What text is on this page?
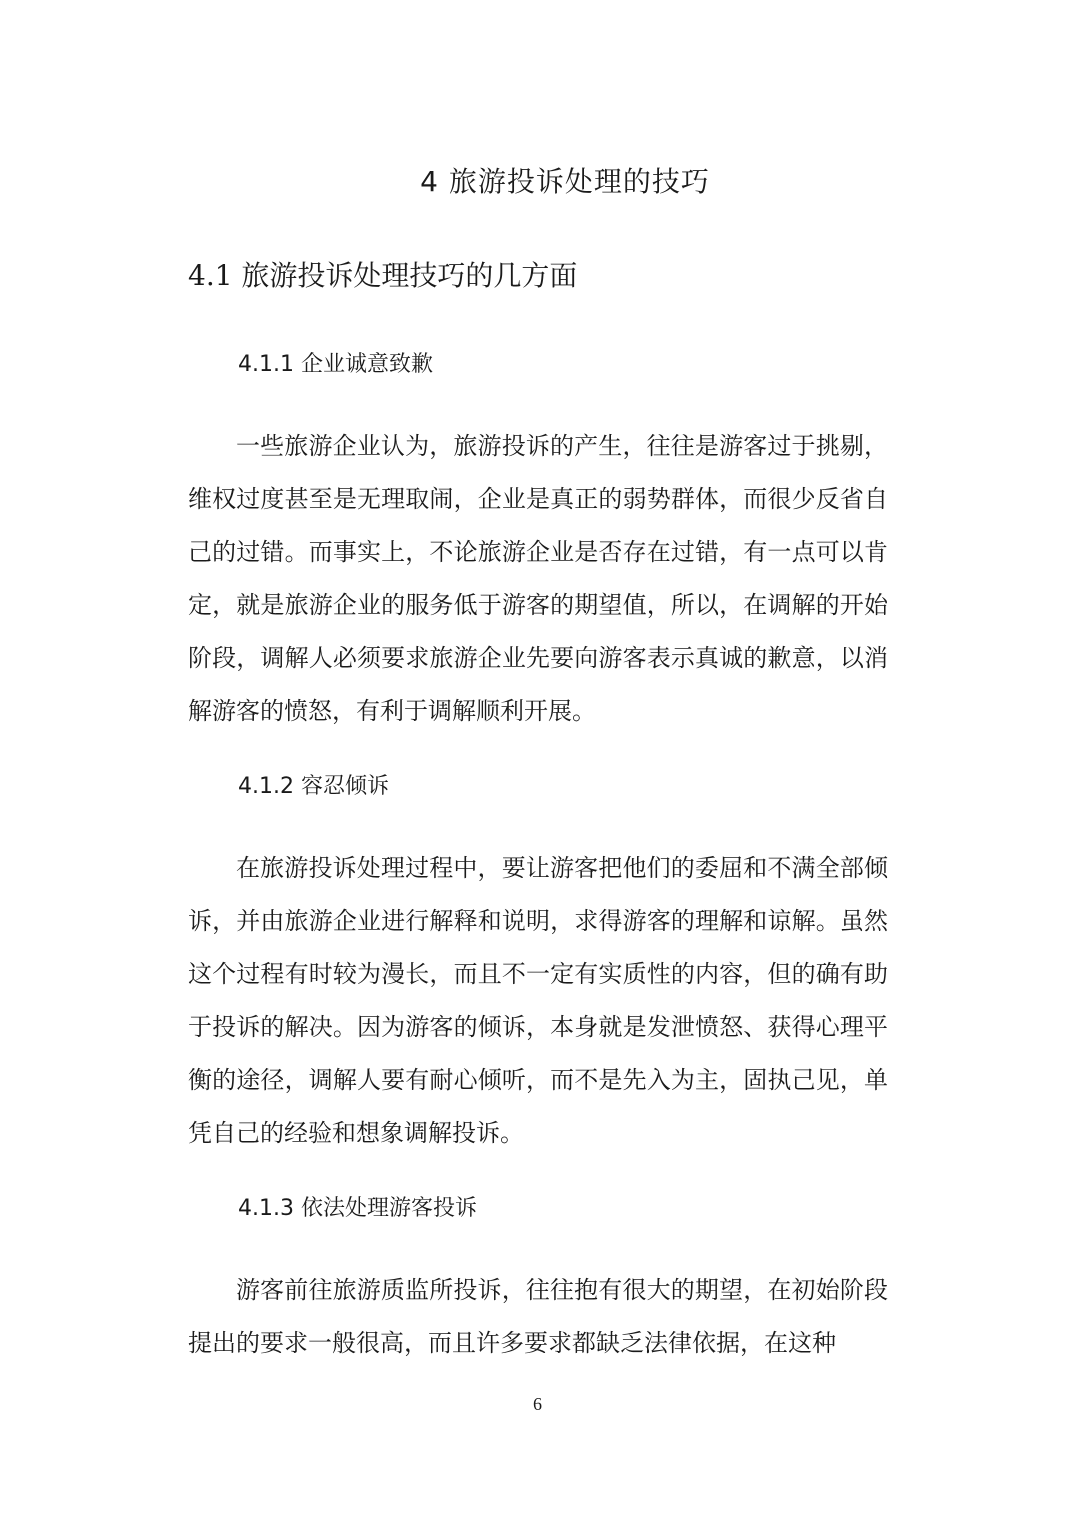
4 旅游投诉处理的技巧
4.1 旅游投诉处理技巧的几方面
4.1.1 企业诚意致歉

一些旅游企业认为，旅游投诉的产生，往往是游客过于挑剔，维权过度甚至是无理取闹，企业是真正的弱势群体，而很少反省自己的过错。而事实上，不论旅游企业是否存在过错，有一点可以肯定，就是旅游企业的服务低于游客的期望值，所以，在调解的开始阶段，调解人必须要求旅游企业先要向游客表示真诚的歉意，以消解游客的愤怒，有利于调解顺利开展。

4.1.2 容忍倾诉

在旅游投诉处理过程中，要让游客把他们的委屈和不满全部倾诉，并由旅游企业进行解释和说明，求得游客的理解和谅解。虽然这个过程有时较为漫长，而且不一定有实质性的内容，但的确有助于投诉的解决。因为游客的倾诉，本身就是发泄愤怒、获得心理平衡的途径，调解人要有耐心倾听，而不是先入为主，固执己见，单凭自己的经验和想象调解投诉。

4.1.3 依法处理游客投诉

游客前往旅游质监所投诉，往往抱有很大的期望，在初始阶段提出的要求一般很高，而且许多要求都缺乏法律依据，在这种

6
